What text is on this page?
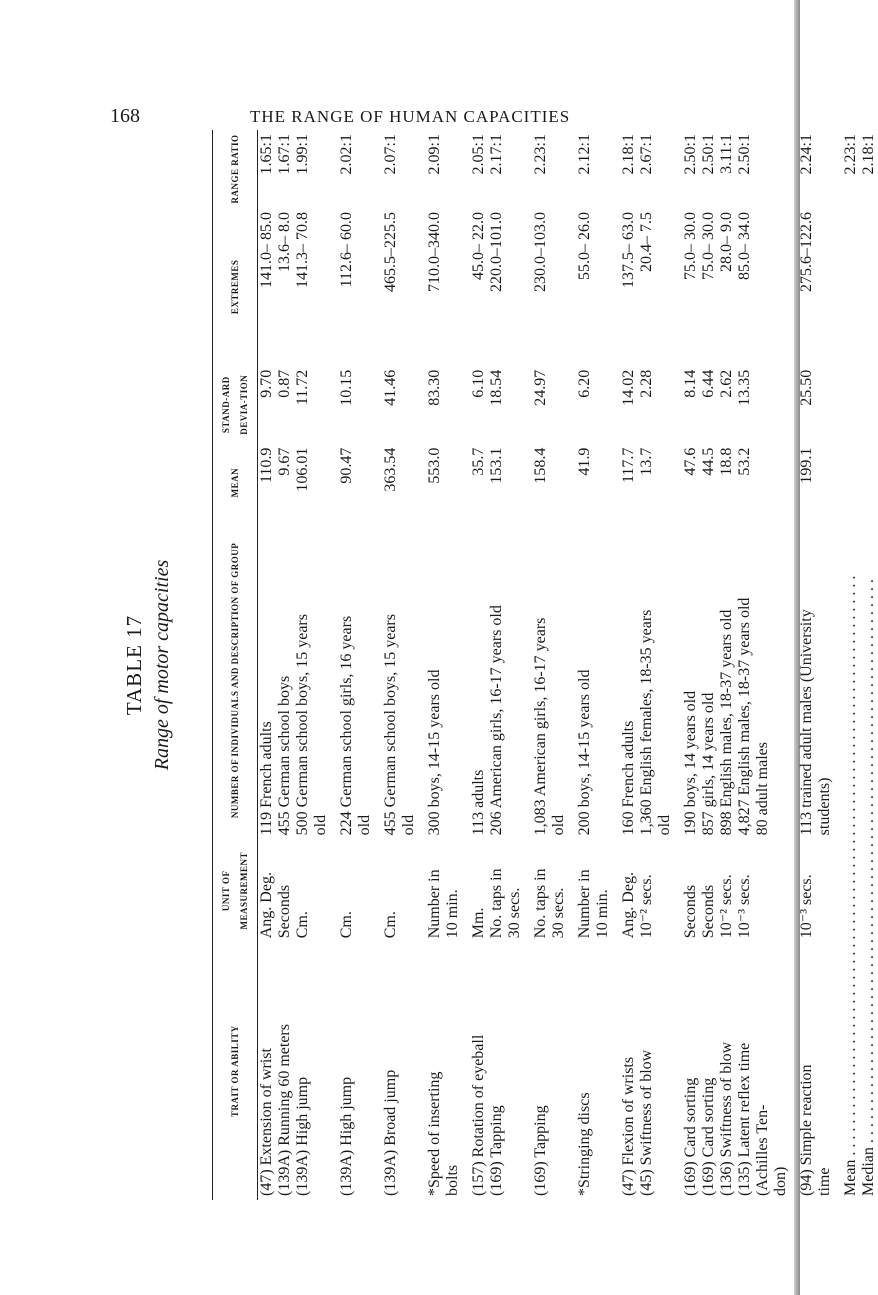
168	THE RANGE OF HUMAN CAPACITIES
TABLE 17 Range of motor capacities
TRAIT OR ABILITY	UNIT OF MEASUREMENT	NUMBER OF INDIVIDUALS AND DESCRIPTION OF GROUP	MEAN	STAND-ARD DEVIA-TION	EXTREMES	RANGE RATIO
(47) Extension of wrist	Ang. Deg.	119 French adults	110.9	9.70	141.0– 85.0	1.65:1
(139A) Running 60 meters	Seconds	455 German school boys	9.67	0.87	13.6– 8.0	1.67:1
(139A) High jump	Cm.	500 German school boys, 15 years	106.01	11.72	141.3– 70.8	1.99:1
		old				
(139A) High jump	Cm.	224 German school girls, 16 years	90.47	10.15	112.6– 60.0	2.02:1
		old				
(139A) Broad jump	Cm.	455 German school boys, 15 years	363.54	41.46	465.5–225.5	2.07:1
		old				
*Speed of inserting	Number in	300 boys, 14-15 years old	553.0	83.30	710.0–340.0	2.09:1
bolts	10 min.					
(157) Rotation of eyeball	Mm.	113 adults	35.7	6.10	45.0– 22.0	2.05:1
(169) Tapping	No. taps in	206 American girls, 16-17 years old	153.1	18.54	220.0–101.0	2.17:1
	30 secs.					
(169) Tapping	No. taps in	1,083 American girls, 16-17 years	158.4	24.97	230.0–103.0	2.23:1
	30 secs.	old				
*Stringing discs	Number in	200 boys, 14-15 years old	41.9	6.20	55.0– 26.0	2.12:1
	10 min.					
(47) Flexion of wrists	Ang. Deg.	160 French adults	117.7	14.02	137.5– 63.0	2.18:1
(45) Swiftness of blow	10⁻² secs.	1,360 English females, 18-35 years	13.7	2.28	20.4– 7.5	2.67:1
		old				
(169) Card sorting	Seconds	190 boys, 14 years old	47.6	8.14	75.0– 30.0	2.50:1
(169) Card sorting	Seconds	857 girls, 14 years old	44.5	6.44	75.0– 30.0	2.50:1
(136) Swiftness of blow	10⁻² secs.	898 English males, 18-37 years old	18.8	2.62	28.0– 9.0	3.11:1
(135) Latent reflex time	10⁻³ secs.	4,827 English males, 18-37 years old	53.2	13.35	85.0– 34.0	2.50:1
(Achilles Ten-		80 adult males				
don)						
(94) Simple reaction	10⁻³ secs.	113 trained adult males (University	199.1	25.50	275.6–122.6	2.24:1
time		students)				
Mean . . . . . . . . . . . . . . . . . . . . . . . . . . . . . . . . . . . . . . . . . . . . . . . . . . . . . . . . . . . . . . . . . . . . . . . . .						2.23:1
Median . . . . . . . . . . . . . . . . . . . . . . . . . . . . . . . . . . . . . . . . . . . . . . . . . . . . . . . . . . . . . . . . . . . . . . .						2.18:1
